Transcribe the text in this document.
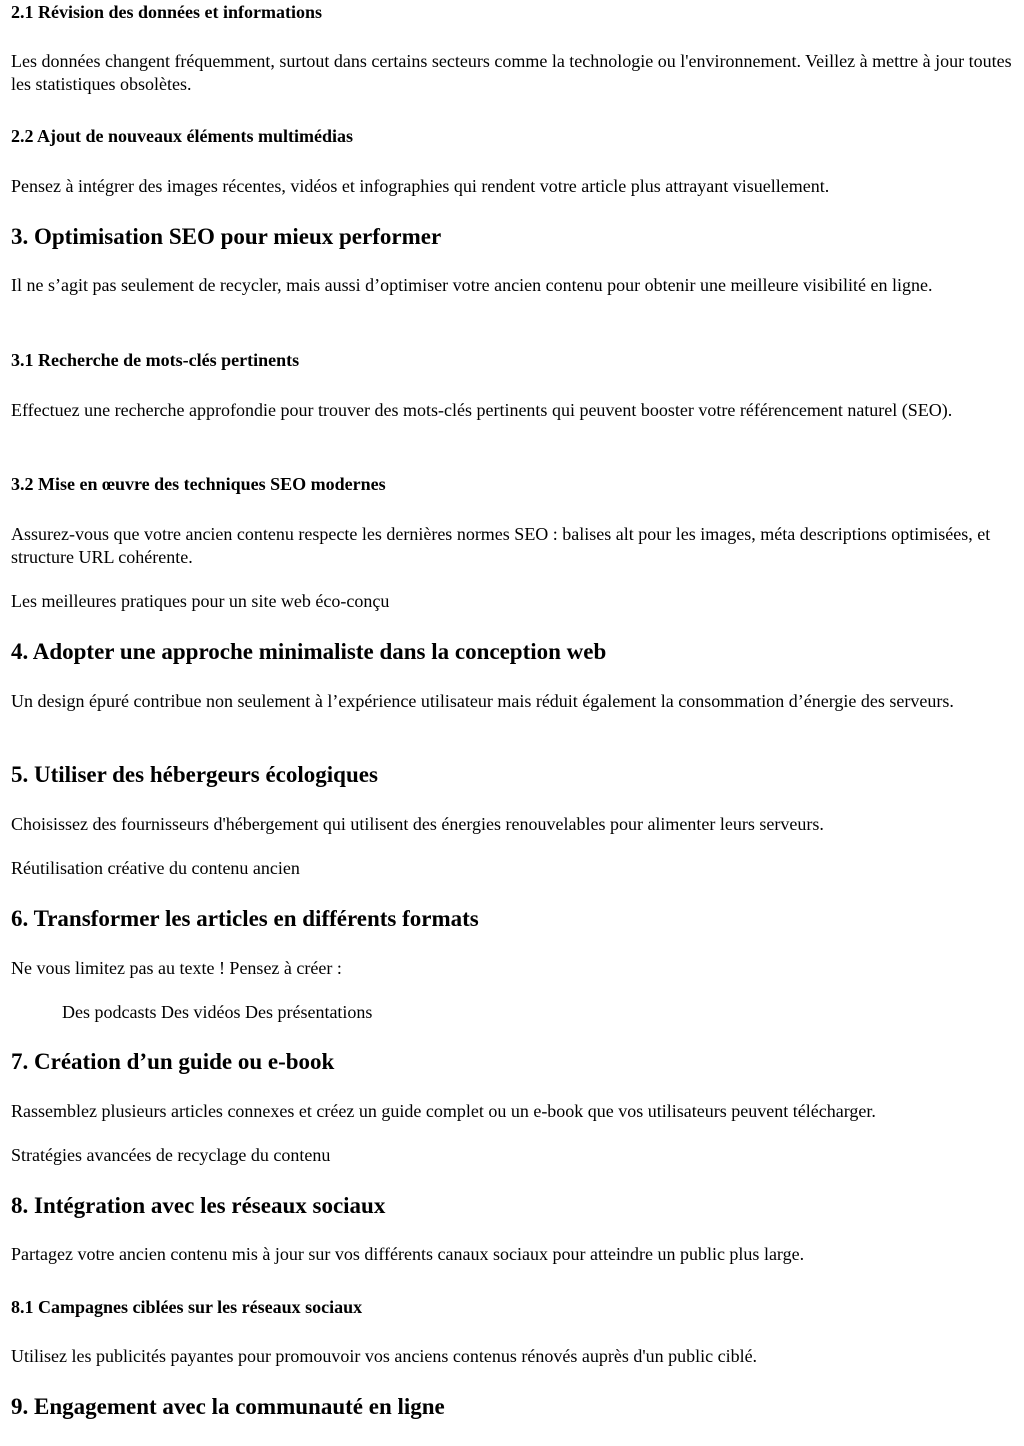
2.1 Révision des données et informations

Les données changent fréquemment, surtout dans certains secteurs comme la technologie ou l'environnement. Veillez à mettre à jour toutes les statistiques obsolètes.

2.2 Ajout de nouveaux éléments multimédias

Pensez à intégrer des images récentes, vidéos et infographies qui rendent votre article plus attrayant visuellement.

3. Optimisation SEO pour mieux performer

Il ne s’agit pas seulement de recycler, mais aussi d’optimiser votre ancien contenu pour obtenir une meilleure visibilité en ligne.

3.1 Recherche de mots-clés pertinents

Effectuez une recherche approfondie pour trouver des mots-clés pertinents qui peuvent booster votre référencement naturel (SEO).

3.2 Mise en œuvre des techniques SEO modernes

Assurez-vous que votre ancien contenu respecte les dernières normes SEO : balises alt pour les images, méta descriptions optimisées, et structure URL cohérente.

Les meilleures pratiques pour un site web éco-conçu

4. Adopter une approche minimaliste dans la conception web

Un design épuré contribue non seulement à l’expérience utilisateur mais réduit également la consommation d’énergie des serveurs.

5. Utiliser des hébergeurs écologiques

Choisissez des fournisseurs d'hébergement qui utilisent des énergies renouvelables pour alimenter leurs serveurs.

Réutilisation créative du contenu ancien

6. Transformer les articles en différents formats

Ne vous limitez pas au texte ! Pensez à créer :

Des podcasts Des vidéos Des présentations

7. Création d’un guide ou e-book

Rassemblez plusieurs articles connexes et créez un guide complet ou un e-book que vos utilisateurs peuvent télécharger.

Stratégies avancées de recyclage du contenu

8. Intégration avec les réseaux sociaux

Partagez votre ancien contenu mis à jour sur vos différents canaux sociaux pour atteindre un public plus large.

8.1 Campagnes ciblées sur les réseaux sociaux

Utilisez les publicités payantes pour promouvoir vos anciens contenus rénovés auprès d'un public ciblé.

9. Engagement avec la communauté en ligne
